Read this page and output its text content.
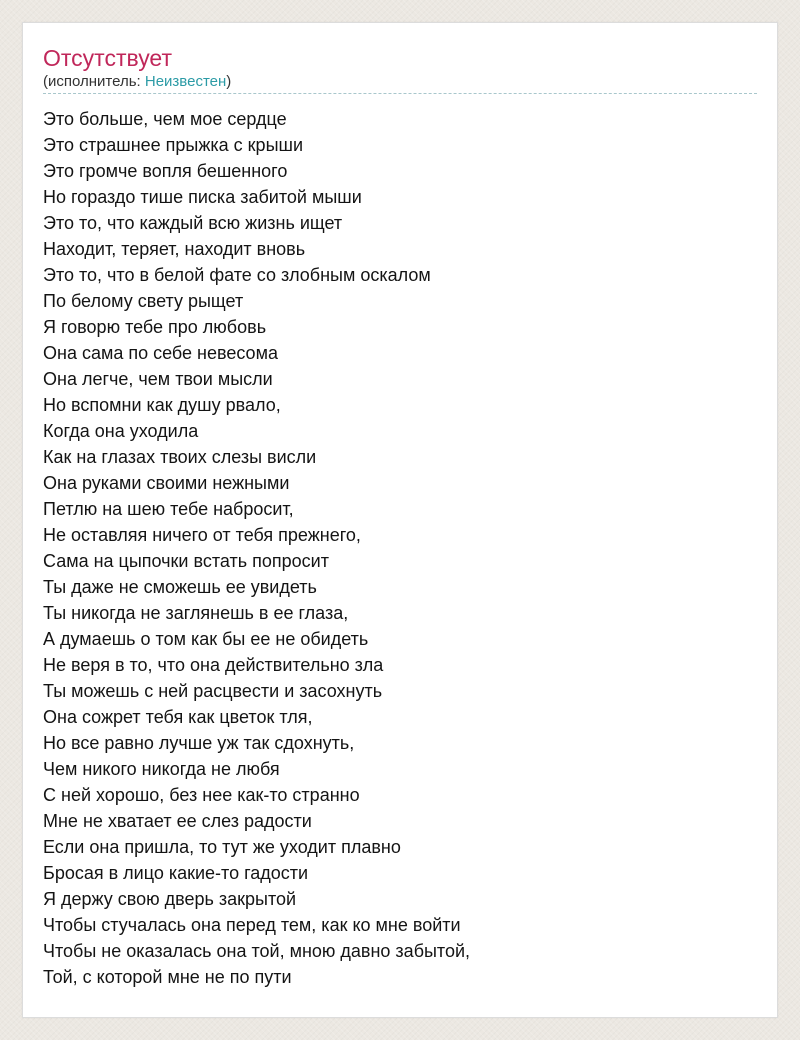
Отсутствует
(исполнитель: Неизвестен)
Это больше, чем мое сердце
Это страшнее прыжка с крыши
Это громче вопля бешенного
Но гораздо тише писка забитой мыши
Это то, что каждый всю жизнь ищет
Находит, теряет, находит вновь
Это то, что в белой фате со злобным оскалом
По белому свету рыщет
Я говорю тебе про любовь
Она сама по себе невесома
Она легче, чем твои мысли
Но вспомни как душу рвало,
Когда она уходила
Как на глазах твоих слезы висли
Она руками своими нежными
Петлю на шею тебе набросит,
Не оставляя ничего от тебя прежнего,
Сама на цыпочки встать попросит
Ты даже не сможешь ее увидеть
Ты никогда не заглянешь в ее глаза,
А думаешь о том как бы ее не обидеть
Не веря в то, что она действительно зла
Ты можешь с ней расцвести и засохнуть
Она сожрет тебя как цветок тля,
Но все равно лучше уж так сдохнуть,
Чем никого никогда не любя
С ней хорошо, без нее как-то странно
Мне не хватает ее слез радости
Если она пришла, то тут же уходит плавно
Бросая в лицо какие-то гадости
Я держу свою дверь закрытой
Чтобы стучалась она перед тем, как ко мне войти
Чтобы не оказалась она той, мною давно забытой,
Той, с которой мне не по пути
